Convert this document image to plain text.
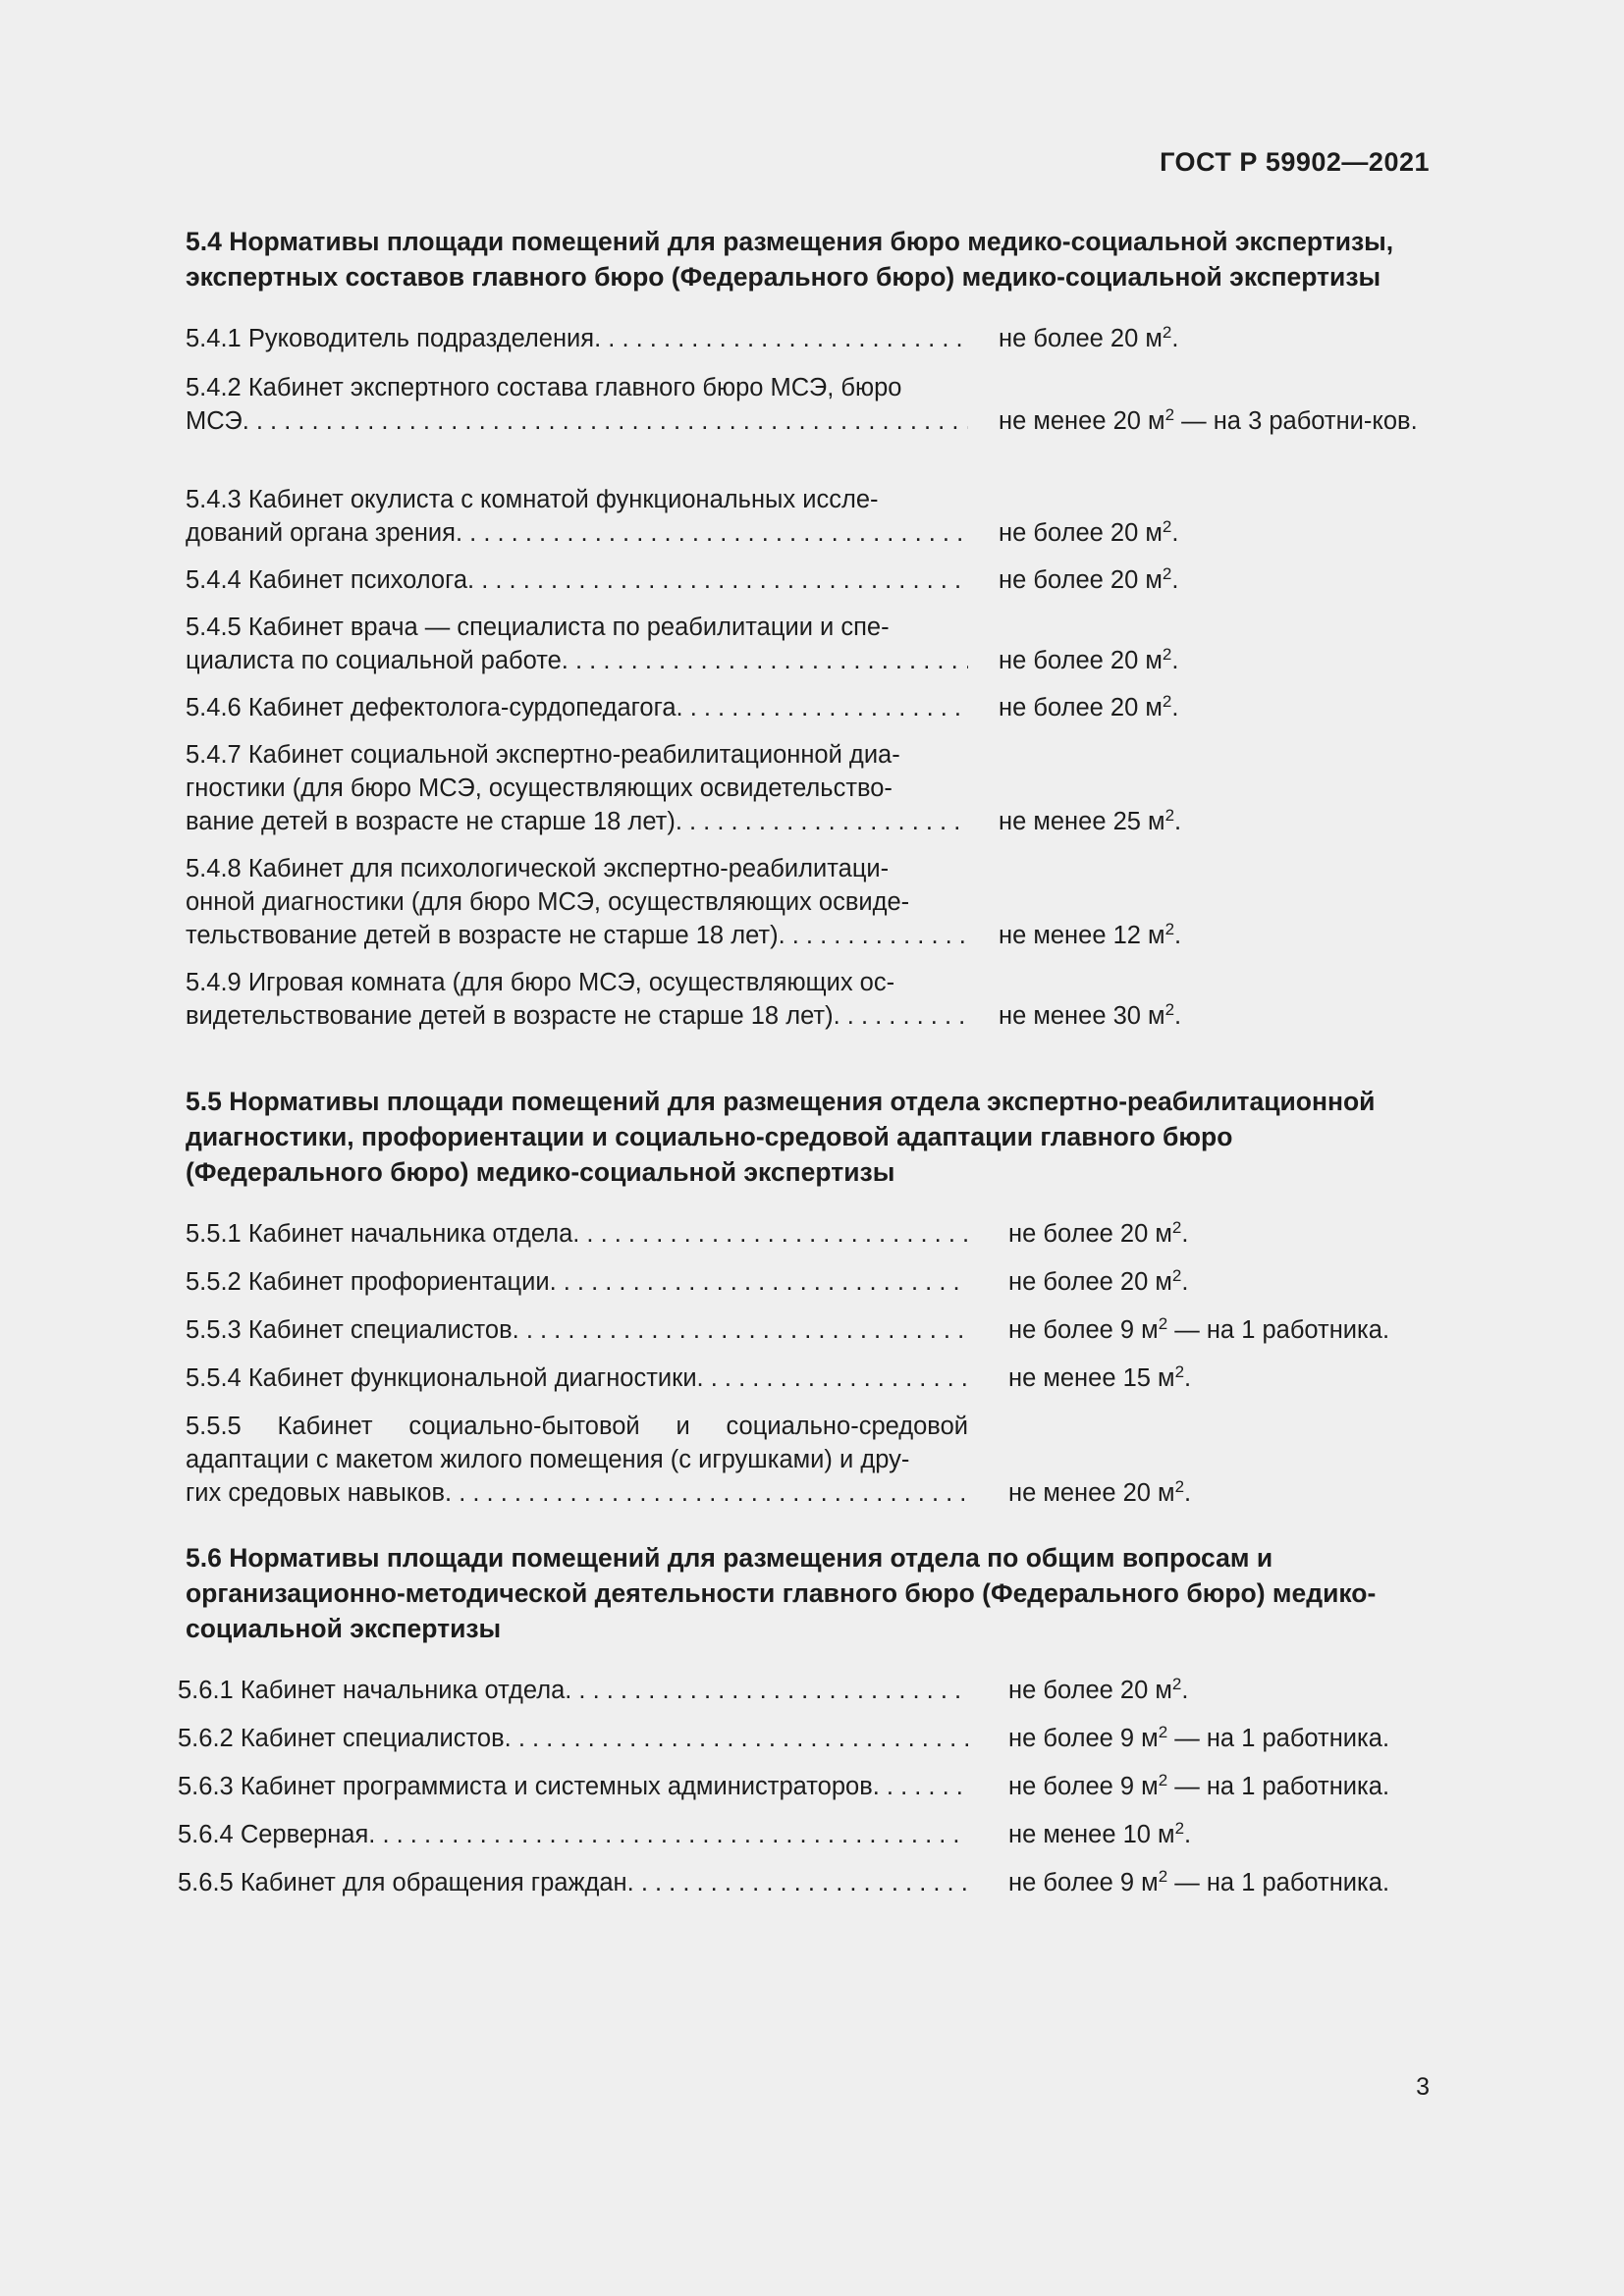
ГОСТ Р 59902—2021

5.4 Нормативы площади помещений для размещения бюро медико-социальной экспертизы, экспертных составов главного бюро (Федерального бюро) медико-социальной экспертизы

5.4.1 Руководитель подразделения. . . .	не более 20 $м^2$.
5.4.2 Кабинет экспертного состава главного бюро МСЭ, бюро
МСЭ. . . .	не менее 20 $м^2$ — на 3 работни-ков.
5.4.3 Кабинет окулиста с комнатой функциональных иссле-
дований органа зрения. . . .	не более 20 $м^2$.
5.4.4 Кабинет психолога. . . .	не более 20 $м^2$.
5.4.5 Кабинет врача — специалиста по реабилитации и спе-
циалиста по социальной работе. . . .	не более 20 $м^2$.
5.4.6 Кабинет дефектолога-сурдопедагога. . . .	не более 20 $м^2$.
5.4.7 Кабинет социальной экспертно-реабилитационной диа-
гностики (для бюро МСЭ, осуществляющих освидетельство-
вание детей в возрасте не старше 18 лет). . . .	не менее 25 $м^2$.
5.4.8 Кабинет для психологической экспертно-реабилитаци-
онной диагностики (для бюро МСЭ, осуществляющих освиде-
тельствование детей в возрасте не старше 18 лет). . . .	не менее 12 $м^2$.
5.4.9 Игровая комната (для бюро МСЭ, осуществляющих ос-
видетельствование детей в возрасте не старше 18 лет). . . .	не менее 30 $м^2$.

5.5 Нормативы площади помещений для размещения отдела экспертно-реабилитационной диагностики, профориентации и социально-средовой адаптации главного бюро (Федерального бюро) медико-социальной экспертизы

5.5.1 Кабинет начальника отдела. . . .	не более 20 $м^2$.
5.5.2 Кабинет профориентации. . . .	не более 20 $м^2$.
5.5.3 Кабинет специалистов. . . .	не более 9 $м^2$ — на 1 работника.
5.5.4 Кабинет функциональной диагностики. . . .	не менее 15 $м^2$.
5.5.5 Кабинет социально-бытовой и социально-средовой
адаптации с макетом жилого помещения (с игрушками) и дру-
гих средовых навыков. . . .	не менее 20 $м^2$.

5.6 Нормативы площади помещений для размещения отдела по общим вопросам и организационно-методической деятельности главного бюро (Федерального бюро) медико-социальной экспертизы

5.6.1 Кабинет начальника отдела. . . .	не более 20 $м^2$.
5.6.2 Кабинет специалистов. . . .	не более 9 $м^2$ — на 1 работника.
5.6.3 Кабинет программиста и системных администраторов. . . .	не более 9 $м^2$ — на 1 работника.
5.6.4 Серверная. . . .	не менее 10 $м^2$.
5.6.5 Кабинет для обращения граждан. . . .	не более 9 $м^2$ — на 1 работника.
3
